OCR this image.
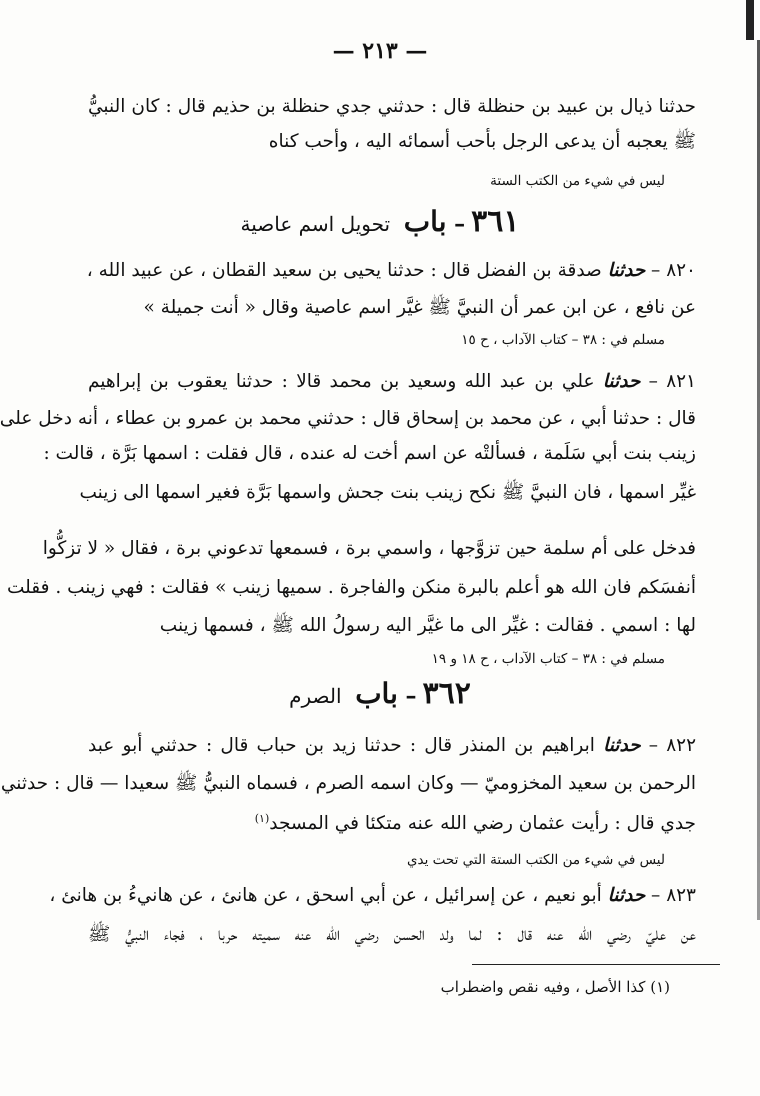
— ٢١٣ —
حدثنا ذيال بن عبيد بن حنظلة قال : حدثني جدي حنظلة بن حذيم قال : كان النبيُّ
ﷺ يعجبه أن يدعى الرجل بأحب أسمائه اليه ، وأحب كناه
ليس في شيء من الكتب الستة
٣٦١– باب تحويل اسم عاصية
٨٢٠ – حدثنا صدقة بن الفضل قال : حدثنا يحيى بن سعيد القطان ، عن عبيد الله ،
عن نافع ، عن ابن عمر أن النبيَّ ﷺ غيَّر اسم عاصية وقال « أنت جميلة »
مسلم في : ٣٨ – كتاب الآداب ، ح ١٥
٨٢١ – حدثنا علي بن عبد الله وسعيد بن محمد قالا : حدثنا يعقوب بن إبراهيم
قال : حدثنا أبي ، عن محمد بن إسحاق قال : حدثني محمد بن عمرو بن عطاء ، أنه دخل على
زينب بنت أبي سَلَمة ، فسألتْه عن اسم أخت له عنده ، قال فقلت : اسمها بَرَّة ، قالت :
غيِّر اسمها ، فان النبيَّ ﷺ نكح زينب بنت جحش واسمها بَرَّة فغير اسمها الى زينب
فدخل على أم سلمة حين تزوَّجها ، واسمي برة ، فسمعها تدعوني برة ، فقال « لا تزكُّوا
أنفسَكم فان الله هو أعلم بالبرة منكن والفاجرة . سميها زينب » فقالت : فهي زينب . فقلت
لها : اسمي . فقالت : غيِّر الى ما غيَّر اليه رسولُ الله ﷺ ، فسمها زينب
مسلم في : ٣٨ – كتاب الآداب ، ح ١٨ و ١٩
٣٦٢– باب الصرم
٨٢٢ – حدثنا ابراهيم بن المنذر قال : حدثنا زيد بن حباب قال : حدثني أبو عبد
الرحمن بن سعيد المخزوميّ — وكان اسمه الصرم ، فسماه النبيُّ ﷺ سعيدا — قال : حدثني
جدي قال : رأيت عثمان رضي الله عنه متكئا في المسجد$^{(١)}$
ليس في شيء من الكتب الستة التي تحت يدي
٨٢٣ – حدثنا أبو نعيم ، عن إسرائيل ، عن أبي اسحق ، عن هانئ ، عن هانيءُ بن هانئ ،
عن عليّ رضي الله عنه قال : لما ولد الحسن رضي الله عنه سميته حربا ، فجاء النبيُّ ﷺ
(١) كذا الأصل ، وفيه نقص واضطراب
